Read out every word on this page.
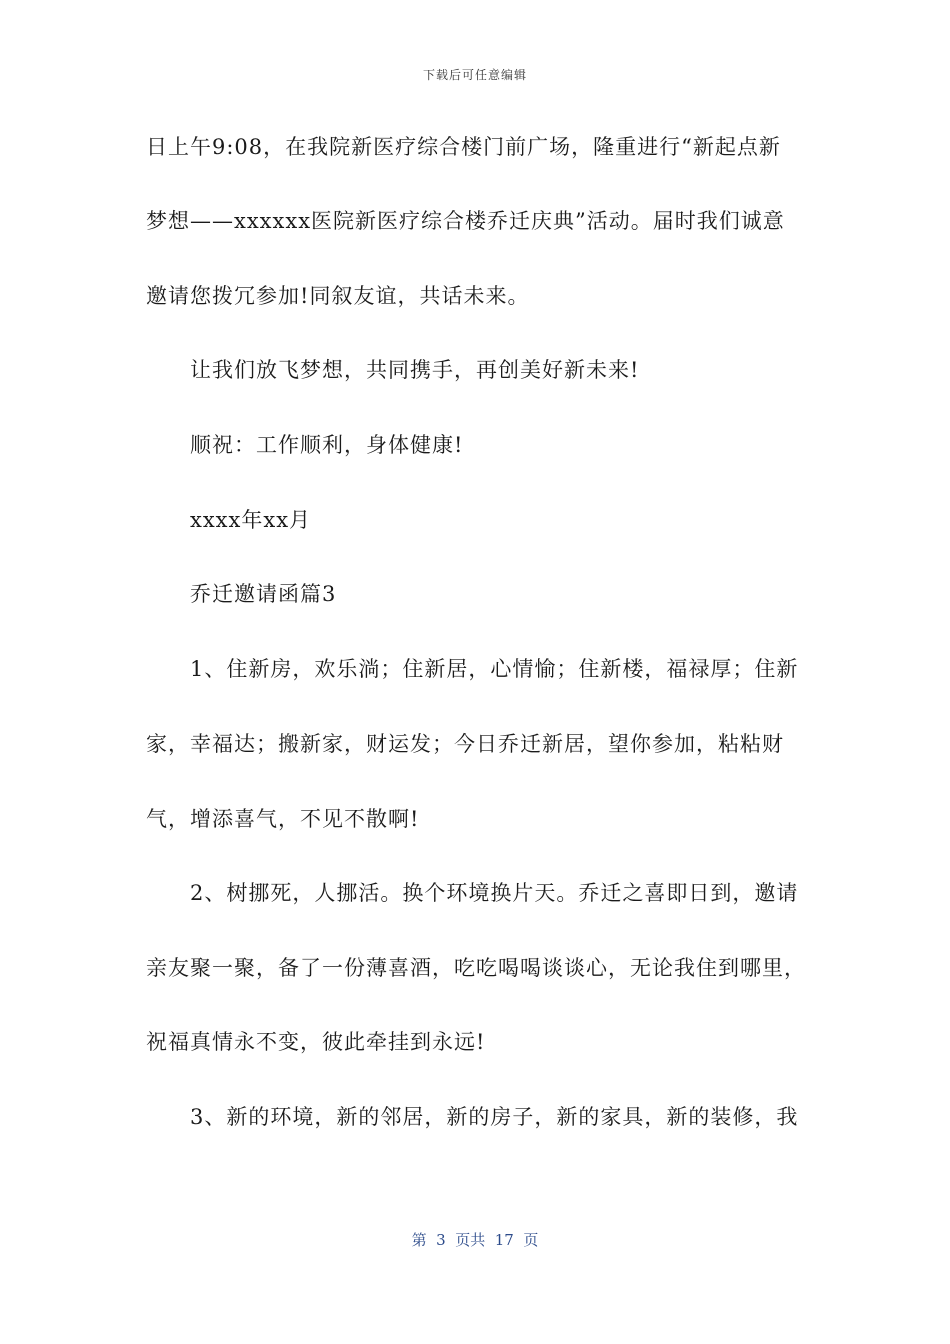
下载后可任意编辑
日上午9:08，在我院新医疗综合楼门前广场，隆重进行“新起点新
梦想——xxxxxx医院新医疗综合楼乔迁庆典”活动。届时我们诚意
邀请您拨冗参加!同叙友谊，共话未来。
让我们放飞梦想，共同携手，再创美好新未来!
顺祝：工作顺利，身体健康!
xxxx年xx月
乔迁邀请函篇3
1、住新房，欢乐淌；住新居，心情愉；住新楼，福禄厚；住新
家，幸福达；搬新家，财运发；今日乔迁新居，望你参加，粘粘财
气，增添喜气，不见不散啊!
2、树挪死，人挪活。换个环境换片天。乔迁之喜即日到，邀请
亲友聚一聚，备了一份薄喜酒，吃吃喝喝谈谈心，无论我住到哪里，
祝福真情永不变，彼此牵挂到永远!
3、新的环境，新的邻居，新的房子，新的家具，新的装修，我
第  3  页共  17  页
